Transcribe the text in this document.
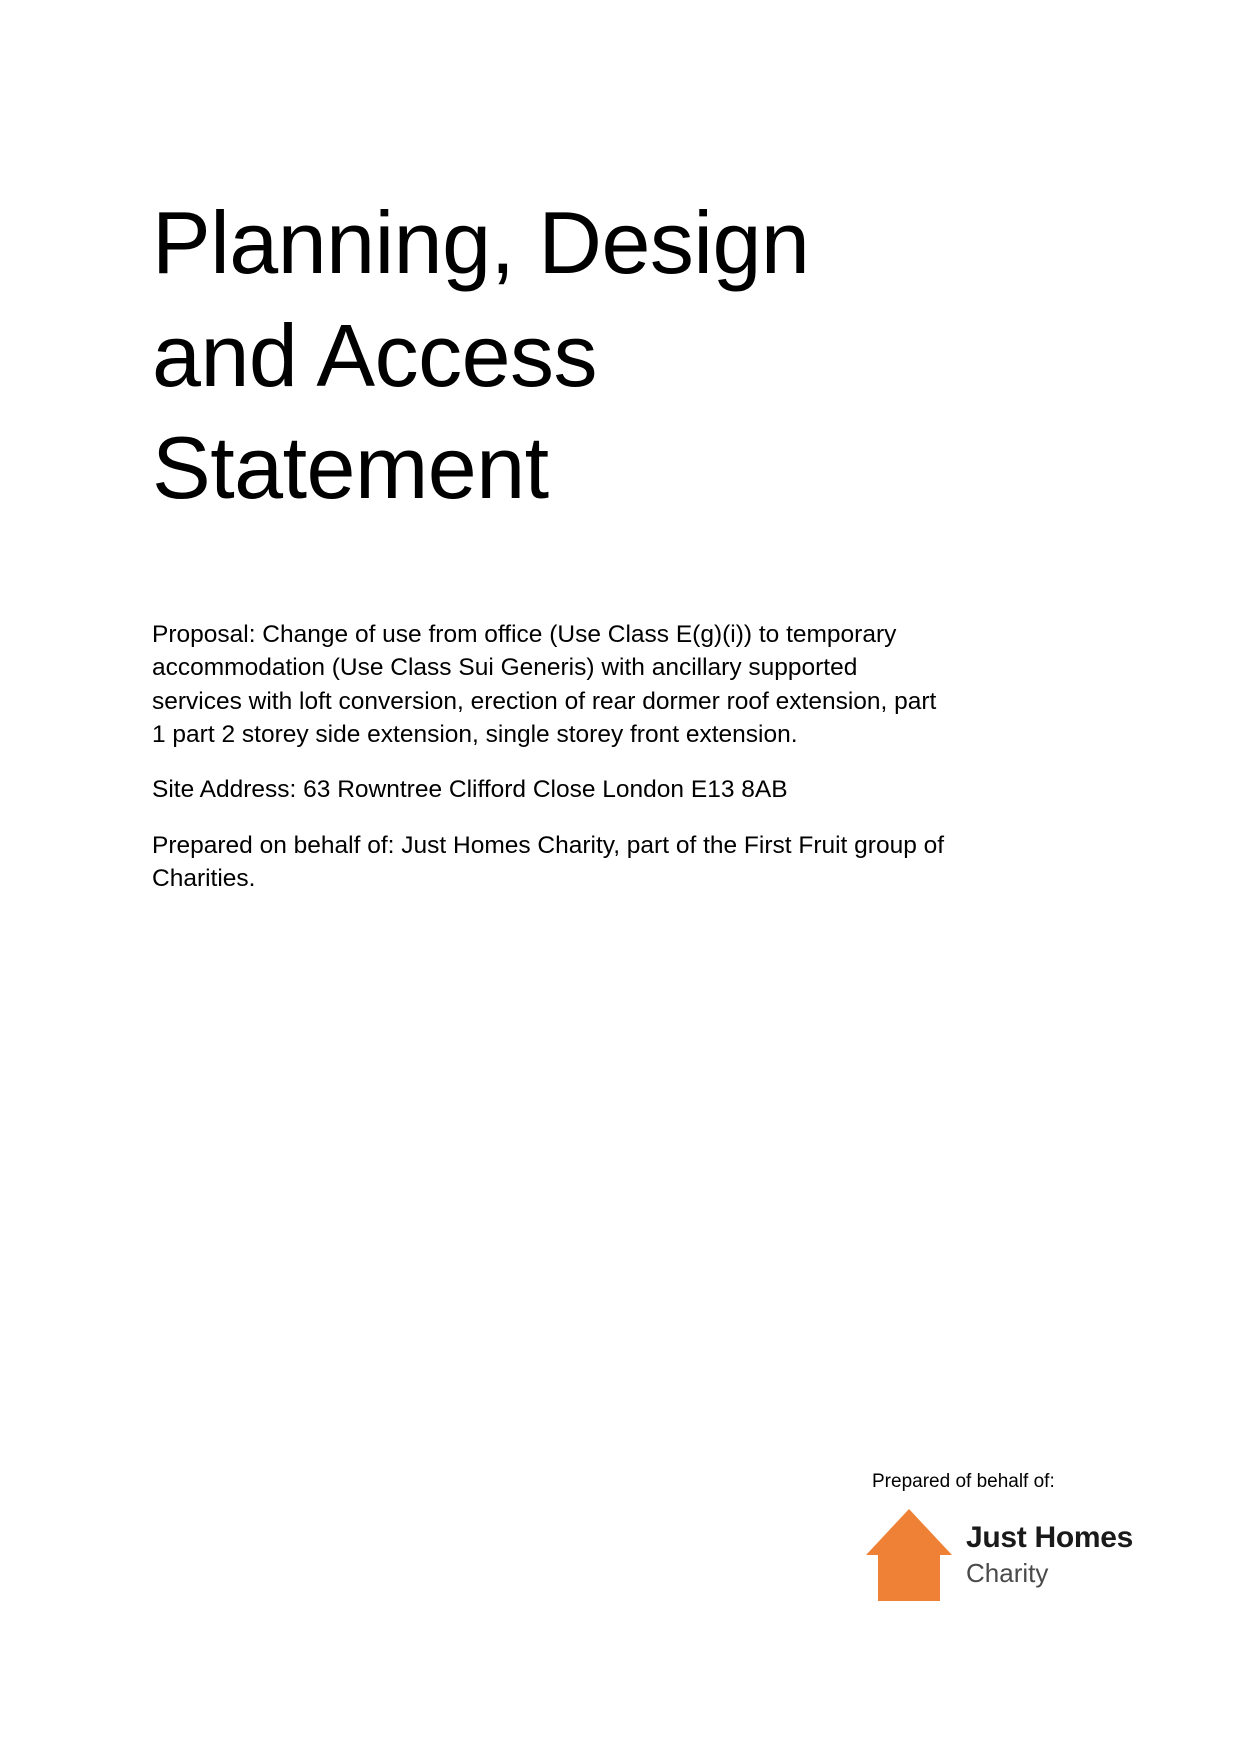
Planning, Design and Access Statement

Proposal: Change of use from office (Use Class E(g)(i)) to temporary accommodation (Use Class Sui Generis) with ancillary supported services with loft conversion, erection of rear dormer roof extension, part 1 part 2 storey side extension, single storey front extension.

Site Address: 63 Rowntree Clifford Close London E13 8AB

Prepared on behalf of: Just Homes Charity, part of the First Fruit group of Charities.

Prepared of behalf of:
Just Homes
Charity
